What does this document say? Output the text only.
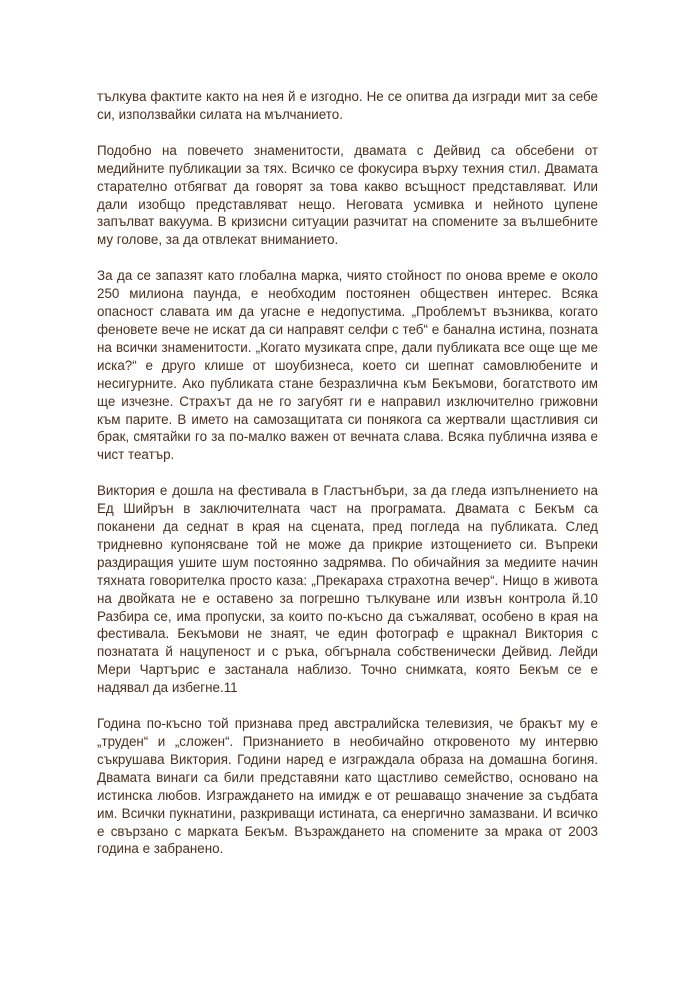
тълкува фактите както на нея й е изгодно. Не се опитва да изгради мит за себе си, използвайки силата на мълчанието.

Подобно на повечето знаменитости, двамата с Дейвид са обсебени от медийните публикации за тях. Всичко се фокусира върху техния стил. Двамата старателно отбягват да говорят за това какво всъщност представляват. Или дали изобщо представляват нещо. Неговата усмивка и нейното цупене запълват вакуума. В кризисни ситуации разчитат на спомените за вълшебните му голове, за да отвлекат вниманието.

За да се запазят като глобална марка, чиято стойност по онова време е около 250 милиона паунда, е необходим постоянен обществен интерес. Всяка опасност славата им да угасне е недопустима. „Проблемът възниква, когато феновете вече не искат да си направят селфи с теб“ е банална истина, позната на всички знаменитости. „Когато музиката спре, дали публиката все още ще ме иска?“ е друго клише от шоубизнеса, което си шепнат самовлюбените и несигурните. Ако публиката стане безразлична към Бекъмови, богатството им ще изчезне. Страхът да не го загубят ги е направил изключително грижовни към парите. В името на самозащитата си понякога са жертвали щастливия си брак, смятайки го за по-малко важен от вечната слава. Всяка публична изява е чист театър.

Виктория е дошла на фестивала в Гластънбъри, за да гледа изпълнението на Ед Шийрън в заключителната част на програмата. Двамата с Бекъм са поканени да седнат в края на сцената, пред погледа на публиката. След тридневно купонясване той не може да прикрие изтощението си. Въпреки раздиращия ушите шум постоянно задрямва. По обичайния за медиите начин тяхната говорителка просто каза: „Прекарахa страхотна вечер“. Нищо в живота на двойката не е оставено за погрешно тълкуване или извън контрола й.10 Разбира се, има пропуски, за които по-късно да съжаляват, особено в края на фестивала. Бекъмови не знаят, че един фотограф е щракнал Виктория с познатата й нацупеност и с ръка, обгърнала собственически Дейвид. Лейди Мери Чартърис е застанала наблизо. Точно снимката, която Бекъм се е надявал да избегне.11

Година по-късно той признава пред австралийска телевизия, че бракът му е „труден“ и „сложен“. Признанието в необичайно откровеното му интервю съкрушава Виктория. Години наред е изграждала образа на домашна богиня. Двамата винаги са били представяни като щастливо семейство, основано на истинска любов. Изграждането на имидж е от решаващо значение за съдбата им. Всички пукнатини, разкриващи истината, са енергично замазвани. И всичко е свързано с марката Бекъм. Възраждането на спомените за мрака от 2003 година е забранено.
